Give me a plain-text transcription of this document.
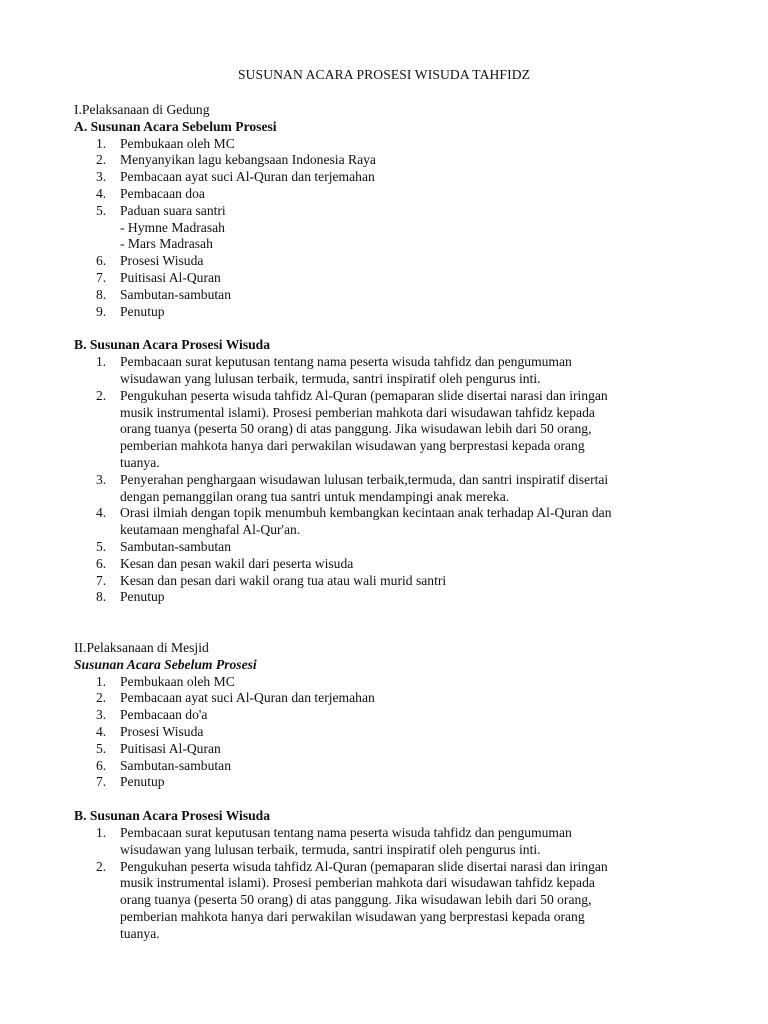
SUSUNAN ACARA PROSESI WISUDA TAHFIDZ
I.Pelaksanaan di Gedung
A. Susunan Acara Sebelum Prosesi
1. Pembukaan oleh MC
2. Menyanyikan lagu kebangsaan Indonesia Raya
3. Pembacaan ayat suci Al-Quran dan terjemahan
4. Pembacaan doa
5. Paduan suara santri
- Hymne Madrasah
- Mars Madrasah
6. Prosesi Wisuda
7. Puitisasi Al-Quran
8. Sambutan-sambutan
9. Penutup
B. Susunan Acara Prosesi Wisuda
1. Pembacaan surat keputusan tentang nama peserta wisuda tahfidz dan pengumuman
wisudawan yang lulusan terbaik, termuda, santri inspiratif oleh pengurus inti.
2. Pengukuhan peserta wisuda tahfidz Al-Quran (pemaparan slide disertai narasi dan iringan
musik instrumental islami). Prosesi pemberian mahkota dari wisudawan tahfidz kepada
orang tuanya (peserta 50 orang) di atas panggung. Jika wisudawan lebih dari 50 orang,
pemberian mahkota hanya dari perwakilan wisudawan yang berprestasi kepada orang
tuanya.
3. Penyerahan penghargaan wisudawan lulusan terbaik,termuda, dan santri inspiratif disertai
dengan pemanggilan orang tua santri untuk mendampingi anak mereka.
4. Orasi ilmiah dengan topik menumbuh kembangkan kecintaan anak terhadap Al-Quran dan
keutamaan menghafal Al-Qur'an.
5. Sambutan-sambutan
6. Kesan dan pesan wakil dari peserta wisuda
7. Kesan dan pesan dari wakil orang tua atau wali murid santri
8. Penutup
II.Pelaksanaan di Mesjid
Susunan Acara Sebelum Prosesi
1. Pembukaan oleh MC
2. Pembacaan ayat suci Al-Quran dan terjemahan
3. Pembacaan do'a
4. Prosesi Wisuda
5. Puitisasi Al-Quran
6. Sambutan-sambutan
7. Penutup
B. Susunan Acara Prosesi Wisuda
1. Pembacaan surat keputusan tentang nama peserta wisuda tahfidz dan pengumuman
wisudawan yang lulusan terbaik, termuda, santri inspiratif oleh pengurus inti.
2. Pengukuhan peserta wisuda tahfidz Al-Quran (pemaparan slide disertai narasi dan iringan
musik instrumental islami). Prosesi pemberian mahkota dari wisudawan tahfidz kepada
orang tuanya (peserta 50 orang) di atas panggung. Jika wisudawan lebih dari 50 orang,
pemberian mahkota hanya dari perwakilan wisudawan yang berprestasi kepada orang
tuanya.
